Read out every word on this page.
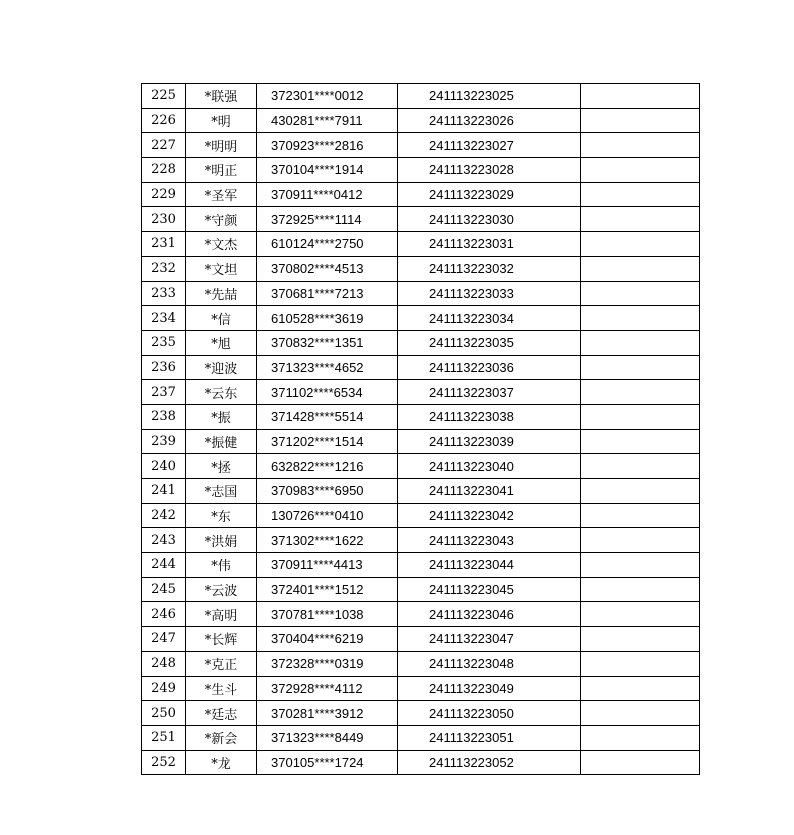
225	*联强	372301****0012	241113223025	
226	*明	430281****7911	241113223026	
227	*明明	370923****2816	241113223027	
228	*明正	370104****1914	241113223028	
229	*圣军	370911****0412	241113223029	
230	*守颜	372925****1114	241113223030	
231	*文杰	610124****2750	241113223031	
232	*文坦	370802****4513	241113223032	
233	*先喆	370681****7213	241113223033	
234	*信	610528****3619	241113223034	
235	*旭	370832****1351	241113223035	
236	*迎波	371323****4652	241113223036	
237	*云东	371102****6534	241113223037	
238	*振	371428****5514	241113223038	
239	*振健	371202****1514	241113223039	
240	*拯	632822****1216	241113223040	
241	*志国	370983****6950	241113223041	
242	*东	130726****0410	241113223042	
243	*洪娟	371302****1622	241113223043	
244	*伟	370911****4413	241113223044	
245	*云波	372401****1512	241113223045	
246	*高明	370781****1038	241113223046	
247	*长辉	370404****6219	241113223047	
248	*克正	372328****0319	241113223048	
249	*生斗	372928****4112	241113223049	
250	*廷志	370281****3912	241113223050	
251	*新会	371323****8449	241113223051	
252	*龙	370105****1724	241113223052	
